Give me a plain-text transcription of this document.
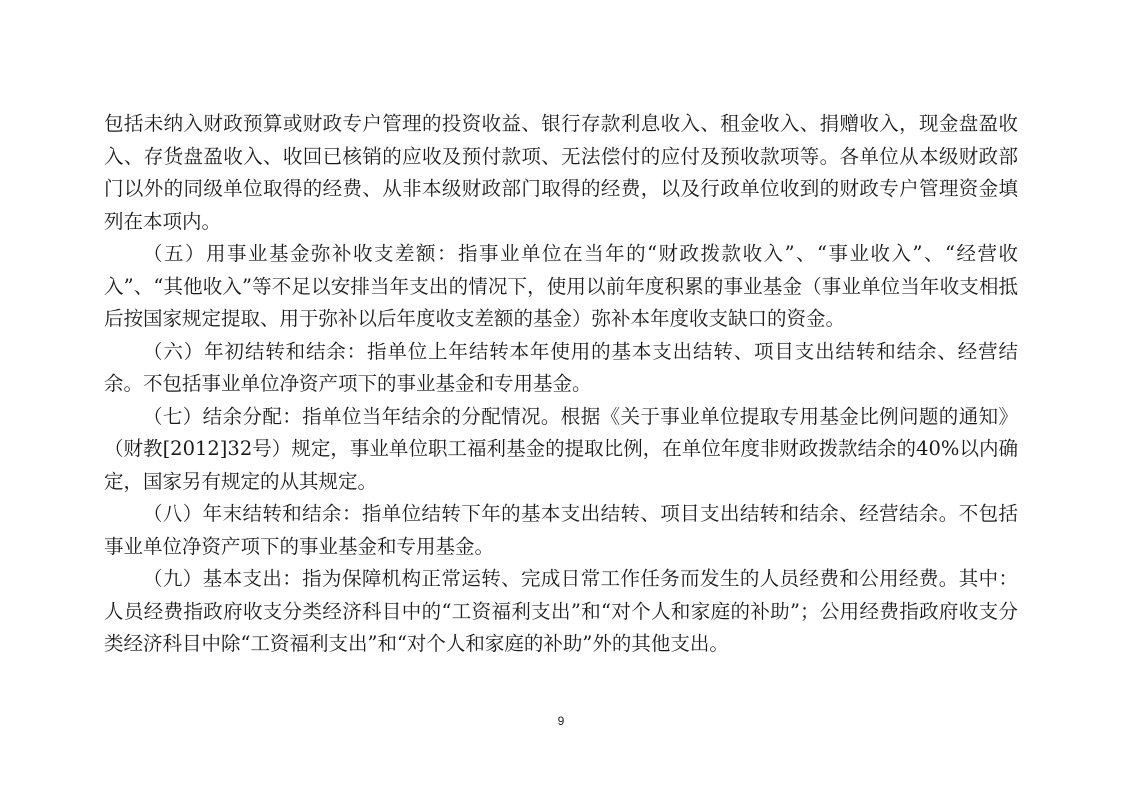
包括未纳入财政预算或财政专户管理的投资收益、银行存款利息收入、租金收入、捐赠收入，现金盘盈收入、存货盘盈收入、收回已核销的应收及预付款项、无法偿付的应付及预收款项等。各单位从本级财政部门以外的同级单位取得的经费、从非本级财政部门取得的经费，以及行政单位收到的财政专户管理资金填列在本项内。

（五）用事业基金弥补收支差额：指事业单位在当年的“财政拨款收入”、“事业收入”、“经营收入”、“其他收入”等不足以安排当年支出的情况下，使用以前年度积累的事业基金（事业单位当年收支相抵后按国家规定提取、用于弥补以后年度收支差额的基金）弥补本年度收支缺口的资金。

（六）年初结转和结余：指单位上年结转本年使用的基本支出结转、项目支出结转和结余、经营结余。不包括事业单位净资产项下的事业基金和专用基金。

（七）结余分配：指单位当年结余的分配情况。根据《关于事业单位提取专用基金比例问题的通知》（财教[2012]32号）规定，事业单位职工福利基金的提取比例，在单位年度非财政拨款结余的40%以内确定，国家另有规定的从其规定。

（八）年末结转和结余：指单位结转下年的基本支出结转、项目支出结转和结余、经营结余。不包括事业单位净资产项下的事业基金和专用基金。

（九）基本支出：指为保障机构正常运转、完成日常工作任务而发生的人员经费和公用经费。其中：人员经费指政府收支分类经济科目中的“工资福利支出”和“对个人和家庭的补助”；公用经费指政府收支分类经济科目中除“工资福利支出”和“对个人和家庭的补助”外的其他支出。

9
